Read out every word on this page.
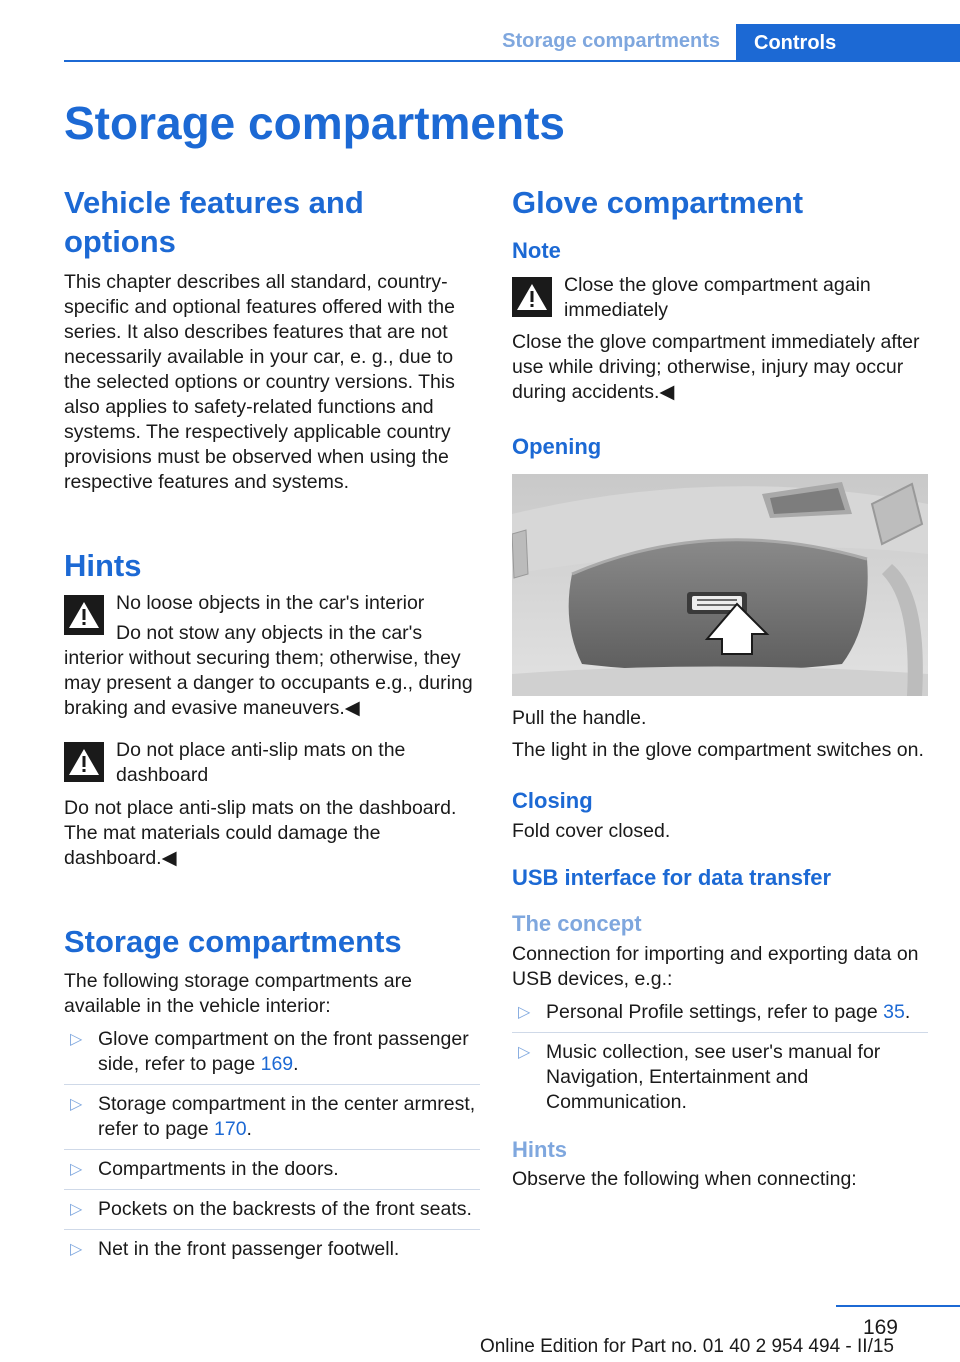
Storage compartments	Controls
Storage compartments
Vehicle features and options

This chapter describes all standard, country-specific and optional features offered with the series. It also describes features that are not necessarily available in your car, e. g., due to the selected options or country versions. This also applies to safety-related functions and systems. The respectively applicable country provisions must be observed when using the respective features and systems.

Hints
No loose objects in the car's interior

Do not stow any objects in the car's interior without securing them; otherwise, they may present a danger to occupants e.g., during braking and evasive maneuvers.◀

Do not place anti-slip mats on the dashboard

Do not place anti-slip mats on the dashboard. The mat materials could damage the dashboard.◀

Storage compartments

The following storage compartments are available in the vehicle interior:

▷ Glove compartment on the front passenger side, refer to page 169.
▷ Storage compartment in the center armrest, refer to page 170.
▷ Compartments in the doors.
▷ Pockets on the backrests of the front seats.
▷ Net in the front passenger footwell.
Glove compartment
Note
Close the glove compartment again immediately

Close the glove compartment immediately after use while driving; otherwise, injury may occur during accidents.◀

Opening

Pull the handle.

The light in the glove compartment switches on.

Closing

Fold cover closed.

USB interface for data transfer
The concept

Connection for importing and exporting data on USB devices, e.g.:

▷ Personal Profile settings, refer to page 35.
▷ Music collection, see user's manual for Navigation, Entertainment and Communication.
Hints

Observe the following when connecting:

169
Online Edition for Part no. 01 40 2 954 494 - II/15
